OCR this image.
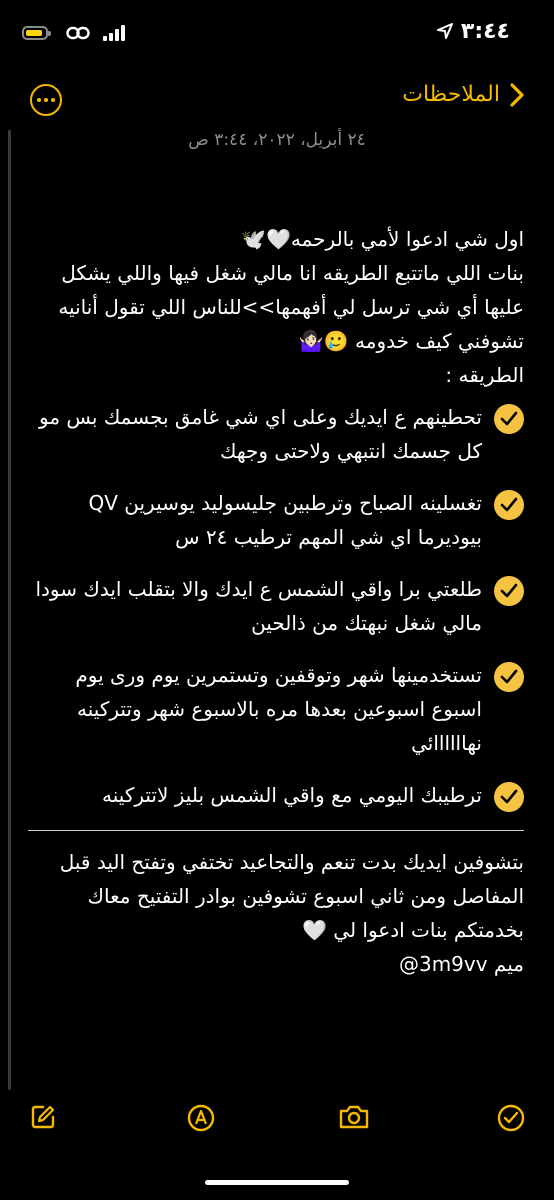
٣:٤٤
الملاحظات
٢٤ أبريل، ٢٠٢٢، ٣:٤٤ ص

اول شي ادعوا لأمي بالرحمه🤍🕊️

بنات اللي ماتتبع الطريقه انا مالي شغل فيها واللي يشكل عليها أي شي ترسل لي أفهمها>>للناس اللي تقول أنانيه تشوفني كيف خدومه 🥲🤷🏻‍♀️

الطريقه :

تحطينهم ع ايديك وعلى اي شي غامق بجسمك بس مو كل جسمك انتبهي ولاحتى وجهك
تغسلينه الصباح وترطبين جليسوليد يوسيرين QV بيوديرما اي شي المهم ترطيب ٢٤ س
طلعتي برا واقي الشمس ع ايدك والا بتقلب ايدك سودا مالي شغل نبهتك من ذالحين
تستخدمينها شهر وتوقفين وتستمرين يوم ورى يوم اسبوع اسبوعين بعدها مره بالاسبوع شهر وتتركينه نهاااااائي
ترطيبك اليومي مع واقي الشمس بليز لاتتركينه

بتشوفين ايديك بدت تنعم والتجاعيد تختفي وتفتح اليد قبل المفاصل ومن ثاني اسبوع تشوفين بوادر التفتيح معاك

بخدمتكم بنات ادعوا لي 🤍

ميم 3m9vv@
